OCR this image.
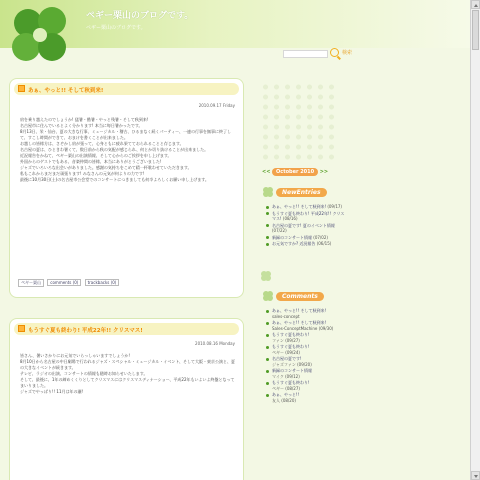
ペギー栗山のブログです。
ペギー栗山のブログです。
検索
あぁ、やっと!! そして秋到来!
2010.09.17 Friday

肩を乗り越えたのでしょうか! 猛暑・酷暑・やっと残暑・そして秋到来!

名古屋市に住んでいるとよく分かります! 本当に毎日暑かったです。

8月13日、栄・仙台、夏の大きな行事、ミュージカル・稽古、ひるまなく続くパーティー、一連の行事を無事に終了して、すこし時間ができて、おまけを書くことが出来ました。

お越しの皆様方は、さぞかし肩が張って、心身ともに疲れ果てておられることと存じます。

名古屋の夏は、ひときわ暑くて、数日前から秋の気配が感じられ、何とか切り抜けることが出来ました。

近況報告をかねて、ペギー栗山の出演情報、そして心からのご挨拶を申し上げます。

外国からのゲストでもある、音楽仲間の皆様、本当にありがとうございました!

ジャズでいろいろな出会いがありました。感謝の気持ちをこめて精一杯歌わせていただきます。

私もこれからまだまだ頑張ります! みなさんの元気が何よりの力です!

最後に10月30日(土)の名古屋市公会堂でのコンサートにつきましても何卒よろしくお願い申し上げます。

ペギー栗山 comments (0) trackbacks (0)
もうすぐ夏も終わり! 平成22年!! クリスマス!
2010.08.16 Monday

皆さん、暑いさかりにお元気でいらっしゃいますでしょうか!

8月10日から名古屋の中日劇場で行われるジャズ・スペシャル・ミュージカル・イベント、そして大阪・東京公演と、夏の大きなイベントが続きます。

テレビ、ラジオの出演、コンサートの情報も随時お知らせいたします。

そして、最後に、1年の締めくくりとしてクリスマスにはクリスマスディナーショー、平成22年もいよいよ終盤となってまいりました。

ジャズでやっぱり!! 11月は年の瀬!

<< October 2010 >>
NewEntries
あぁ、やっと!! そして秋到来! (09/17)
もうすぐ夏も終わり! 平成22年!! クリスマス! (08/16)
名古屋の夏です! 夏のイベント情報 (07/22)
新緑のコンサート情報 (07/02)
お元気ですか? 近況報告 (06/15)
Comments
あぁ、やっと!! そして秋到来!
sales-concept
あぁ、やっと!! そして秋到来!
Sales-ConceptMachine (09/30)
もうすぐ夏も終わり!
ファン (09/27)
もうすぐ夏も終わり!
ペギー (09/24)
名古屋の夏です!
ジャズファン (09/20)
新緑のコンサート情報
マイク (09/12)
もうすぐ夏も終わり!
ペギー (08/27)
あぁ、やっと!!
友人 (08/20)
